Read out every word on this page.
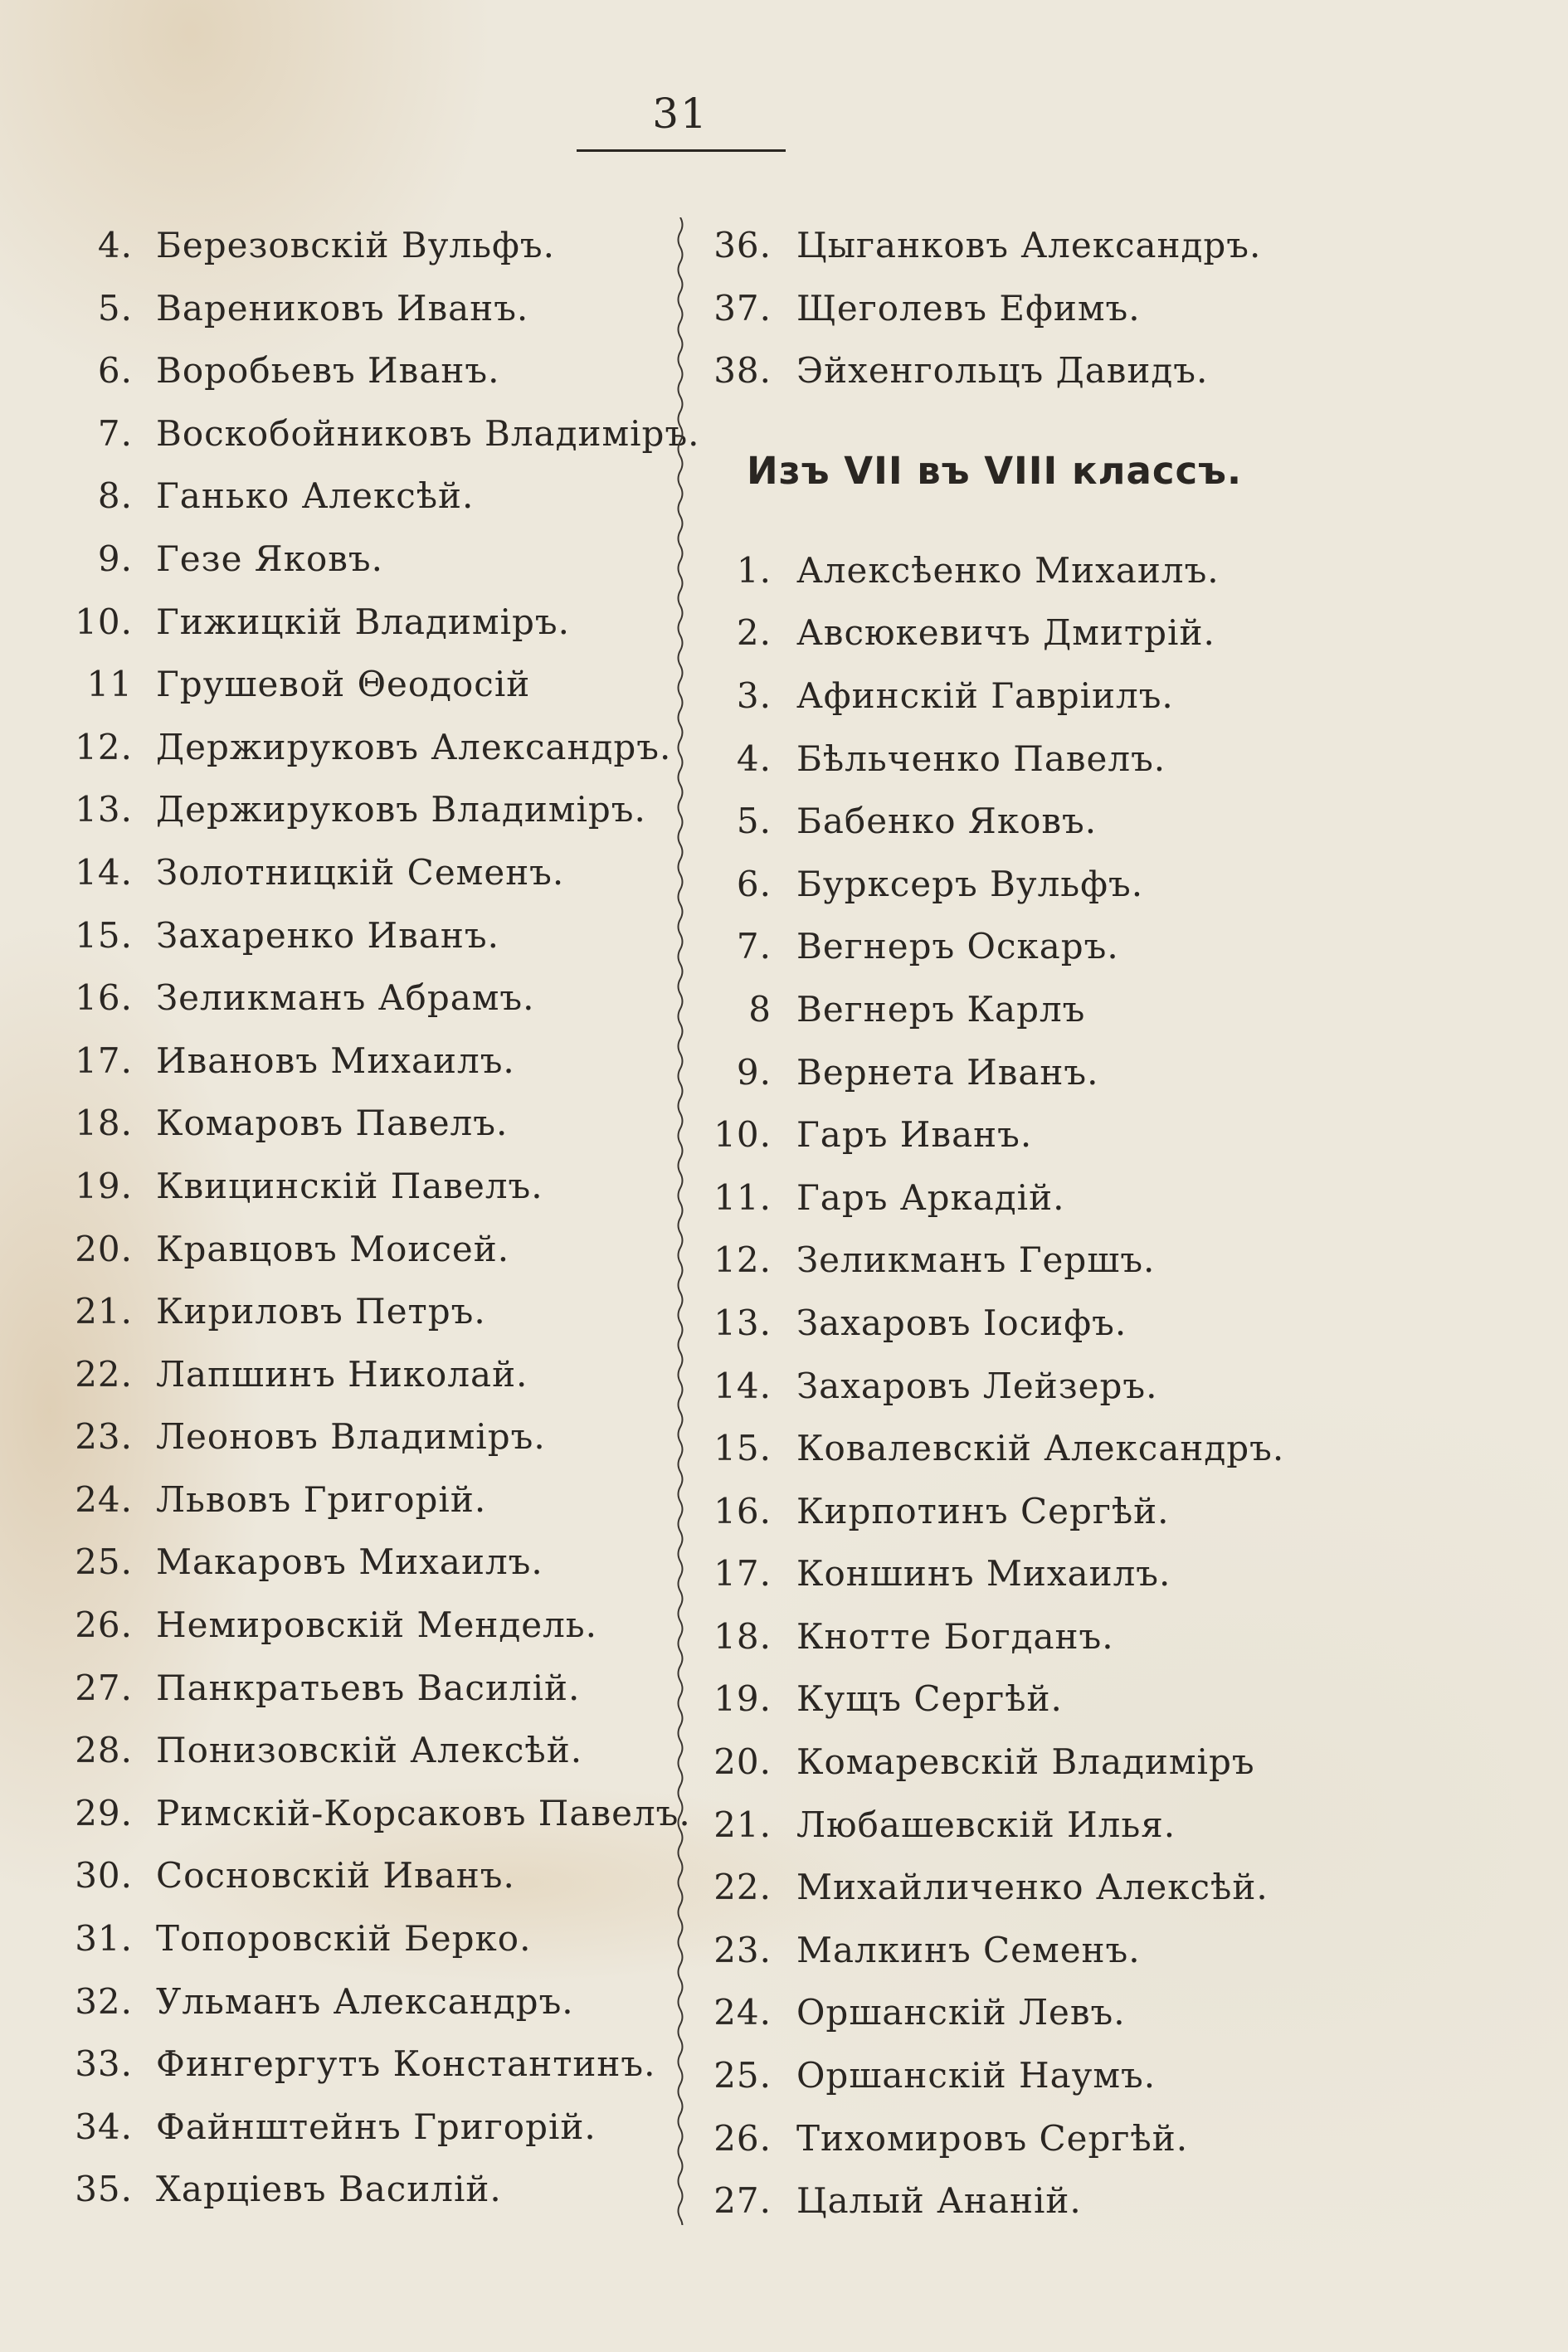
31
4. Березовскій Вульфъ.
5. Варениковъ Иванъ.
6. Воробьевъ Иванъ.
7. Воскобойниковъ Владиміръ.
8. Ганько Алексѣй.
9. Гезе Яковъ.
10. Гижицкій Владиміръ.
11 Грушевой Θеодосій
12. Держируковъ Александръ.
13. Держируковъ Владиміръ.
14. Золотницкій Семенъ.
15. Захаренко Иванъ.
16. Зеликманъ Абрамъ.
17. Ивановъ Михаилъ.
18. Комаровъ Павелъ.
19. Квицинскій Павелъ.
20. Кравцовъ Моисей.
21. Кириловъ Петръ.
22. Лапшинъ Николай.
23. Леоновъ Владиміръ.
24. Львовъ Григорій.
25. Макаровъ Михаилъ.
26. Немировскій Мендель.
27. Панкратьевъ Василій.
28. Понизовскій Алексѣй.
29. Римскій-Корсаковъ Павелъ.
30. Сосновскій Иванъ.
31. Топоровскій Берко.
32. Ульманъ Александръ.
33. Фингергутъ Константинъ.
34. Файнштейнъ Григорій.
35. Харцiевъ Василій.
36. Цыганковъ Александръ.
37. Щеголевъ Ефимъ.
38. Эйхенгольцъ Давидъ.
Изъ VII въ VIII классъ.
1. Алексѣенко Михаилъ.
2. Авсюкевичъ Дмитрій.
3. Афинскій Гавріилъ.
4. Бѣльченко Павелъ.
5. Бабенко Яковъ.
6. Бурксеръ Вульфъ.
7. Вегнеръ Оскаръ.
8 Вегнеръ Карлъ
9. Вернета Иванъ.
10. Гаръ Иванъ.
11. Гаръ Аркадій.
12. Зеликманъ Гершъ.
13. Захаровъ Іосифъ.
14. Захаровъ Лейзеръ.
15. Ковалевскій Александръ.
16. Кирпотинъ Сергѣй.
17. Коншинъ Михаилъ.
18. Кнотте Богданъ.
19. Кущъ Сергѣй.
20. Комаревскій Владиміръ
21. Любашевскій Илья.
22. Михайличенко Алексѣй.
23. Малкинъ Семенъ.
24. Оршанскій Левъ.
25. Оршанскій Наумъ.
26. Тихомировъ Сергѣй.
27. Цалый Ананій.
